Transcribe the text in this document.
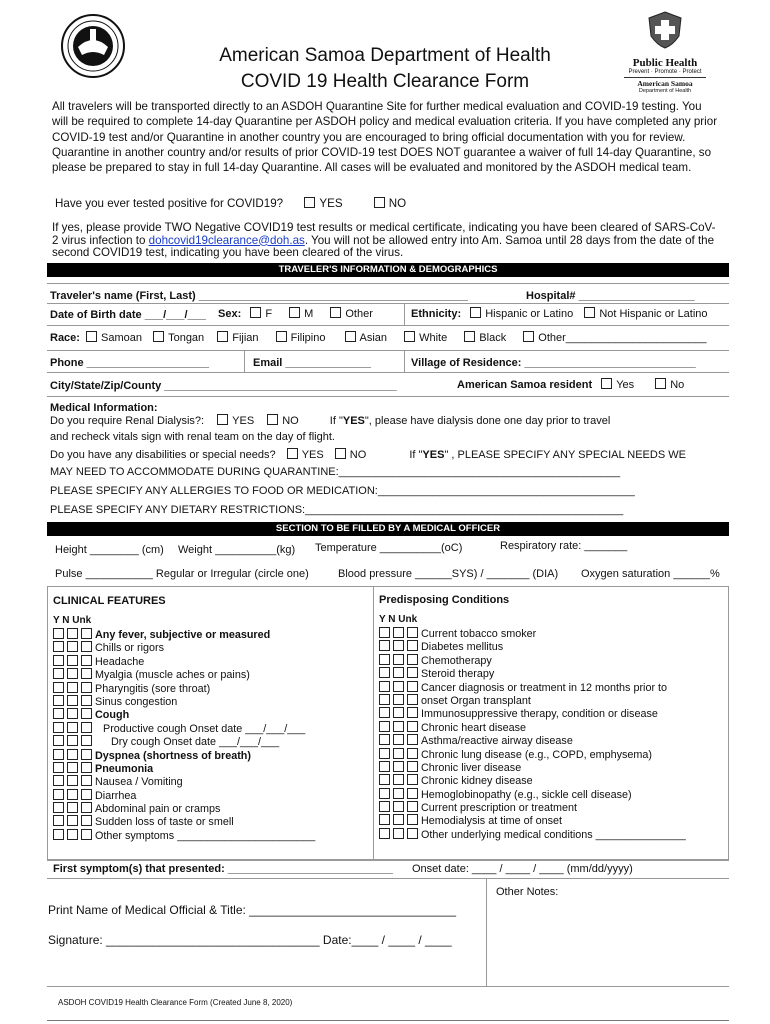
American Samoa Department of Health
COVID 19 Health Clearance Form
Public Health
Prevent · Promote · Protect
American Samoa
Department of Health
All travelers will be transported directly to an ASDOH Quarantine Site for further medical evaluation and COVID-19 testing. You will be required to complete 14-day Quarantine per ASDOH policy and medical evaluation criteria. If you have completed any prior COVID-19 test and/or Quarantine in another country you are encouraged to bring official documentation with you for review. Quarantine in another country and/or results of prior COVID-19 test DOES NOT guarantee a waiver of full 14-day Quarantine, so please be prepared to stay in full 14-day Quarantine. All cases will be evaluated and monitored by the ASDOH medical team.
Have you ever tested positive for COVID19?	YES	NO
If yes, please provide TWO Negative COVID19 test results or medical certificate, indicating you have been cleared of SARS-CoV-2 virus infection to dohcovid19clearance@doh.as. You will not be allowed entry into Am. Samoa until 28 days from the date of the second COVID19 test, indicating you have been cleared of the virus.
TRAVELER'S INFORMATION & DEMOGRAPHICS
Traveler's name (First, Last) ____________________________________________	Hospital# ___________________
Date of Birth date ___/___/___ Sex: F	M	Other	Ethnicity: Hispanic or Latino Not Hispanic or Latino
Race: Samoan Tongan	Fijian	Filipino	Asian	White	Black	Other_______________________
Phone ____________________	Email ______________	Village of Residence: ____________________________
City/State/Zip/County ______________________________________	American Samoa resident Yes	No
Medical Information:
Do you require Renal Dialysis?:	YES	NO	If "YES", please have dialysis done one day prior to travel
and recheck vitals sign with renal team on the day of flight.
Do you have any disabilities or special needs? YES NO	If "YES" , PLEASE SPECIFY ANY SPECIAL NEEDS WE
MAY NEED TO ACCOMMODATE DURING QUARANTINE:______________________________________________
PLEASE SPECIFY ANY ALLERGIES TO FOOD OR MEDICATION:__________________________________________
PLEASE SPECIFY ANY DIETARY RESTRICTIONS:____________________________________________________
SECTION TO BE FILLED BY A MEDICAL OFFICER
Height ________ (cm) Weight __________(kg) Temperature __________(oC)	Respiratory rate: _______
Pulse ___________ Regular or Irregular (circle one)	Blood pressure ______SYS) / _______ (DIA) Oxygen saturation ______%
CLINICAL FEATURES
Y N Unk
Any fever, subjective or measured
Chills or rigors
Headache
Myalgia (muscle aches or pains)
Pharyngitis (sore throat)
Sinus congestion
Cough
Productive cough Onset date ___/___/___
Dry cough Onset date ___/___/___
Dyspnea (shortness of breath)
Pneumonia
Nausea / Vomiting
Diarrhea
Abdominal pain or cramps
Sudden loss of taste or smell
Other symptoms _______________________
Predisposing Conditions
Y N Unk
Current tobacco smoker
Diabetes mellitus
Chemotherapy
Steroid therapy
Cancer diagnosis or treatment in 12 months prior to
onset Organ transplant
Immunosuppressive therapy, condition or disease
Chronic heart disease
Asthma/reactive airway disease
Chronic lung disease (e.g., COPD, emphysema)
Chronic liver disease
Chronic kidney disease
Hemoglobinopathy (e.g., sickle cell disease)
Current prescription or treatment
Hemodialysis at time of onset
Other underlying medical conditions _______________
First symptom(s) that presented: ___________________________ Onset date: ____ / ____ / ____ (mm/dd/yyyy)
Other Notes:
Print Name of Medical Official & Title: _______________________________
Signature: ________________________________ Date:____ / ____ / ____
ASDOH COVID19 Health Clearance Form (Created June 8, 2020)
